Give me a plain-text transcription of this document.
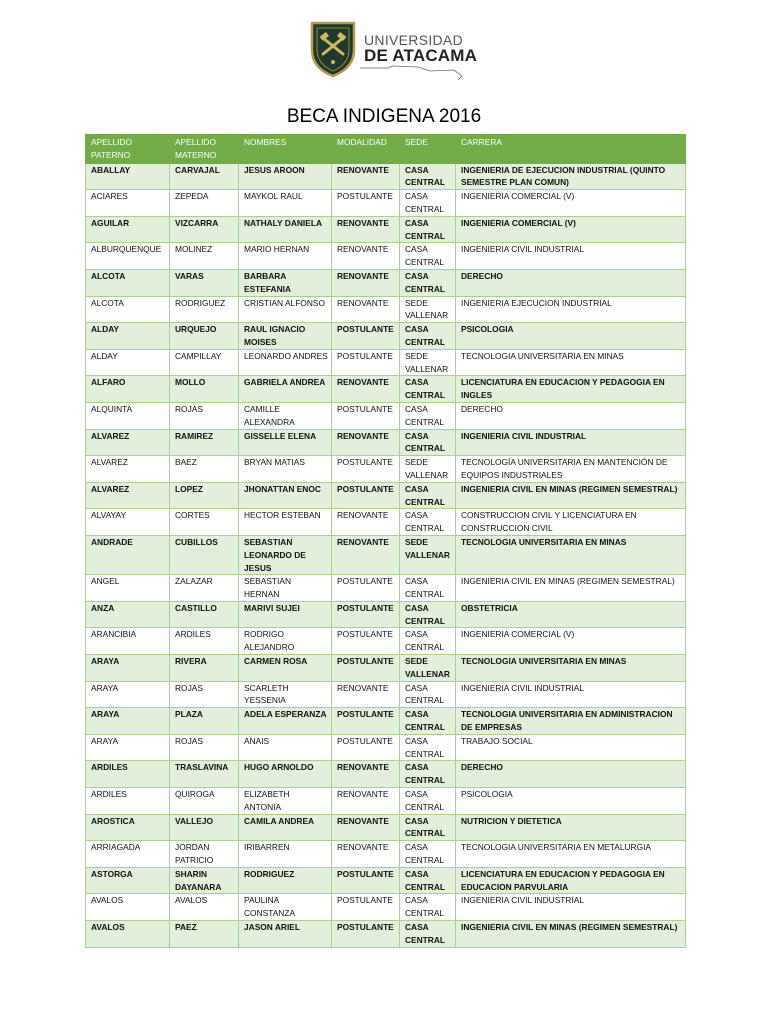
UNIVERSIDAD
DE ATACAMA
BECA INDIGENA 2016
APELLIDO PATERNO	APELLIDO MATERNO	NOMBRES	MODALIDAD	SEDE	CARRERA
ABALLAY	CARVAJAL	JESUS AROON	RENOVANTE	CASA CENTRAL	INGENIERIA DE EJECUCION INDUSTRIAL (QUINTO SEMESTRE PLAN COMUN)
ACIARES	ZEPEDA	MAYKOL RAUL	POSTULANTE	CASA CENTRAL	INGENIERIA COMERCIAL (V)
AGUILAR	VIZCARRA	NATHALY DANIELA	RENOVANTE	CASA CENTRAL	INGENIERIA COMERCIAL (V)
ALBURQUENQUE	MOLINEZ	MARIO HERNAN	RENOVANTE	CASA CENTRAL	INGENIERIA CIVIL INDUSTRIAL
ALCOTA	VARAS	BARBARA ESTEFANIA	RENOVANTE	CASA CENTRAL	DERECHO
ALCOTA	RODRIGUEZ	CRISTIAN ALFONSO	RENOVANTE	SEDE VALLENAR	INGENIERIA EJECUCION INDUSTRIAL
ALDAY	URQUEJO	RAUL IGNACIO MOISES	POSTULANTE	CASA CENTRAL	PSICOLOGIA
ALDAY	CAMPILLAY	LEONARDO ANDRES	POSTULANTE	SEDE VALLENAR	TECNOLOGIA UNIVERSITARIA EN MINAS
ALFARO	MOLLO	GABRIELA ANDREA	RENOVANTE	CASA CENTRAL	LICENCIATURA EN EDUCACION Y PEDAGOGIA EN INGLES
ALQUINTA	ROJAS	CAMILLE ALEXANDRA	POSTULANTE	CASA CENTRAL	DERECHO
ALVAREZ	RAMIREZ	GISSELLE ELENA	RENOVANTE	CASA CENTRAL	INGENIERIA CIVIL INDUSTRIAL
ALVAREZ	BAEZ	BRYAN MATIAS	POSTULANTE	SEDE VALLENAR	TECNOLOGÍA UNIVERSITARIA EN MANTENCIÓN DE EQUIPOS INDUSTRIALES
ALVAREZ	LOPEZ	JHONATTAN ENOC	POSTULANTE	CASA CENTRAL	INGENIERIA CIVIL EN MINAS (REGIMEN SEMESTRAL)
ALVAYAY	CORTES	HECTOR ESTEBAN	RENOVANTE	CASA CENTRAL	CONSTRUCCION CIVIL Y LICENCIATURA EN CONSTRUCCION CIVIL
ANDRADE	CUBILLOS	SEBASTIAN LEONARDO DE JESUS	RENOVANTE	SEDE VALLENAR	TECNOLOGIA UNIVERSITARIA EN MINAS
ANGEL	ZALAZAR	SEBASTIAN HERNAN	POSTULANTE	CASA CENTRAL	INGENIERIA CIVIL EN MINAS (REGIMEN SEMESTRAL)
ANZA	CASTILLO	MARIVI SUJEI	POSTULANTE	CASA CENTRAL	OBSTETRICIA
ARANCIBIA	ARDILES	RODRIGO ALEJANDRO	POSTULANTE	CASA CENTRAL	INGENIERIA COMERCIAL (V)
ARAYA	RIVERA	CARMEN ROSA	POSTULANTE	SEDE VALLENAR	TECNOLOGIA UNIVERSITARIA EN MINAS
ARAYA	ROJAS	SCARLETH YESSENIA	RENOVANTE	CASA CENTRAL	INGENIERIA CIVIL INDUSTRIAL
ARAYA	PLAZA	ADELA ESPERANZA	POSTULANTE	CASA CENTRAL	TECNOLOGIA UNIVERSITARIA EN ADMINISTRACION DE EMPRESAS
ARAYA	ROJAS	ANAIS	POSTULANTE	CASA CENTRAL	TRABAJO SOCIAL
ARDILES	TRASLAVINA	HUGO ARNOLDO	RENOVANTE	CASA CENTRAL	DERECHO
ARDILES	QUIROGA	ELIZABETH ANTONIA	RENOVANTE	CASA CENTRAL	PSICOLOGIA
AROSTICA	VALLEJO	CAMILA ANDREA	RENOVANTE	CASA CENTRAL	NUTRICION Y DIETETICA
ARRIAGADA	JORDAN PATRICIO	IRIBARREN	RENOVANTE	CASA CENTRAL	TECNOLOGIA UNIVERSITARIA EN METALURGIA
ASTORGA	SHARIN DAYANARA	RODRIGUEZ	POSTULANTE	CASA CENTRAL	LICENCIATURA EN EDUCACION Y PEDAGOGIA EN EDUCACION PARVULARIA
AVALOS	AVALOS	PAULINA CONSTANZA	POSTULANTE	CASA CENTRAL	INGENIERIA CIVIL INDUSTRIAL
AVALOS	PAEZ	JASON ARIEL	POSTULANTE	CASA CENTRAL	INGENIERIA CIVIL EN MINAS (REGIMEN SEMESTRAL)
